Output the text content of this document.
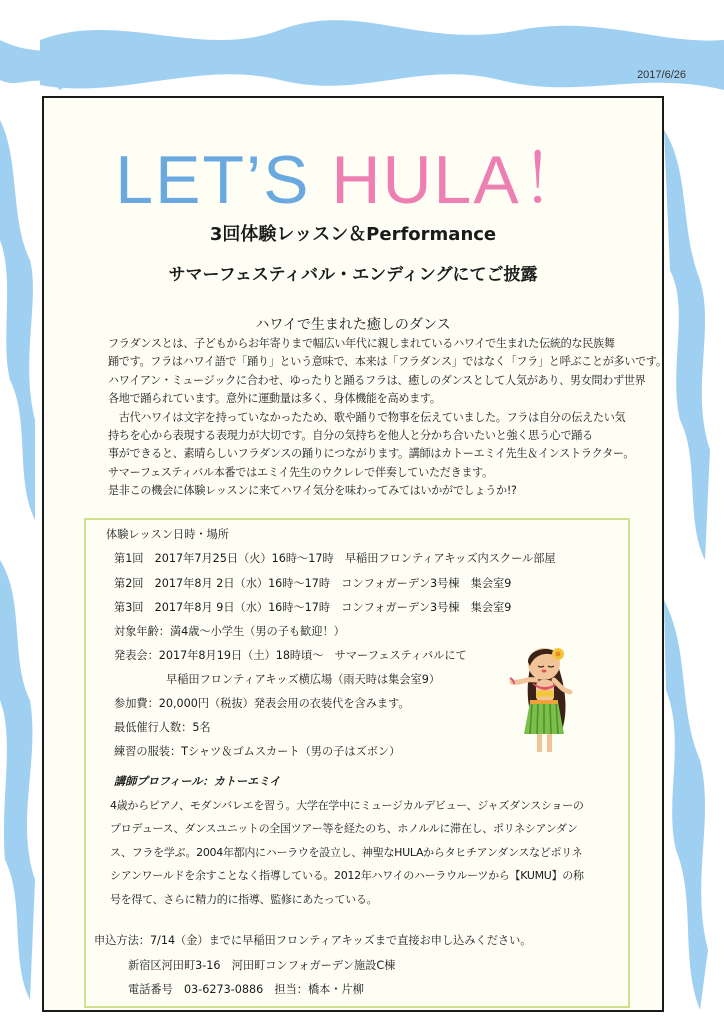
2017/6/26
LET’S HULA！
3回体験レッスン＆Performance
サマーフェスティバル・エンディングにてご披露
ハワイで生まれた癒しのダンス

フラダンスとは、子どもからお年寄りまで幅広い年代に親しまれているハワイで生まれた伝統的な民族舞

踊です。フラはハワイ語で「踊り」という意味で、本来は「フラダンス」ではなく「フラ」と呼ぶことが多いです。

ハワイアン・ミュージックに合わせ、ゆったりと踊るフラは、癒しのダンスとして人気があり、男女問わず世界

各地で踊られています。意外に運動量は多く、身体機能を高めます。

　古代ハワイは文字を持っていなかったため、歌や踊りで物事を伝えていました。フラは自分の伝えたい気

持ちを心から表現する表現力が大切です。自分の気持ちを他人と分かち合いたいと強く思う心で踊る

事ができると、素晴らしいフラダンスの踊りにつながります。講師はカトーエミイ先生＆インストラクター。

サマーフェスティバル本番ではエミイ先生のウクレレで伴奏していただきます。

是非この機会に体験レッスンに来てハワイ気分を味わってみてはいかがでしょうか!?

体験レッスン日時・場所
第1回　2017年7月25日（火）16時～17時　早稲田フロンティアキッズ内スクール部屋
第2回　2017年8月 2日（水）16時～17時　コンフォガーデン3号棟　集会室9
第3回　2017年8月 9日（水）16時～17時　コンフォガーデン3号棟　集会室9
対象年齢：満4歳～小学生（男の子も歓迎！）
発表会：2017年8月19日（土）18時頃～　サマーフェスティバルにて
早稲田フロンティアキッズ横広場（雨天時は集会室9）
参加費：20,000円（税抜）発表会用の衣装代を含みます。
最低催行人数：5名
練習の服装：Tシャツ＆ゴムスカート（男の子はズボン）
講師プロフィール：カトーエミイ

4歳からピアノ、モダンバレエを習う。大学在学中にミュージカルデビュー、ジャズダンスショーの

プロデュース、ダンスユニットの全国ツアー等を経たのち、ホノルルに滞在し、ポリネシアンダン

ス、フラを学ぶ。2004年都内にハーラウを設立し、神聖なHULAからタヒチアンダンスなどポリネ

シアンワールドを余すことなく指導している。2012年ハワイのハーラウルーツから【KUMU】の称

号を得て、さらに精力的に指導、監修にあたっている。

申込方法：7/14（金）までに早稲田フロンティアキッズまで直接お申し込みください。
新宿区河田町3-16　河田町コンフォガーデン施設C棟
電話番号　03-6273-0886　担当：橋本・片柳
